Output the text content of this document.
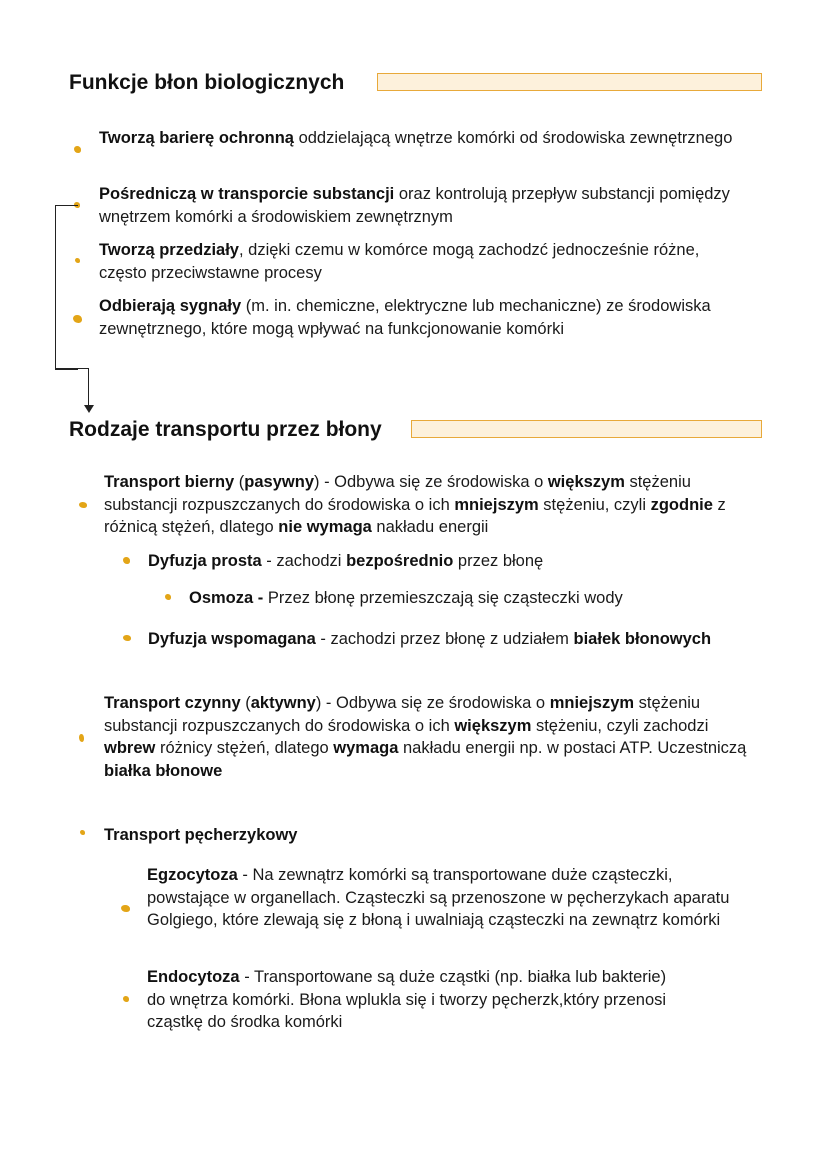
Funkcje błon biologicznych
Tworzą barierę ochronną oddzielającą wnętrze komórki od środowiska zewnętrznego
Pośredniczą w transporcie substancji oraz kontrolują przepływ substancji pomiędzy wnętrzem komórki a środowiskiem zewnętrznym
Tworzą przedziały, dzięki czemu w komórce mogą zachodzć jednocześnie różne, często przeciwstawne procesy
Odbierają sygnały (m. in. chemiczne, elektryczne lub mechaniczne) ze środowiska zewnętrznego, które mogą wpływać na funkcjonowanie komórki
Rodzaje transportu przez błony
Transport bierny (pasywny) - Odbywa się ze środowiska o większym stężeniu substancji rozpuszczanych do środowiska o ich mniejszym stężeniu, czyli zgodnie z różnicą stężeń, dlatego nie wymaga nakładu energii
Dyfuzja prosta - zachodzi bezpośrednio przez błonę
Osmoza - Przez błonę przemieszczają się cząsteczki wody
Dyfuzja wspomagana - zachodzi przez błonę z udziałem białek błonowych
Transport czynny (aktywny) - Odbywa się ze środowiska o mniejszym stężeniu substancji rozpuszczanych do środowiska o ich większym stężeniu, czyli zachodzi wbrew różnicy stężeń, dlatego wymaga nakładu energii np. w postaci ATP. Uczestniczą białka błonowe
Transport pęcherzykowy
Egzocytoza - Na zewnątrz komórki są transportowane duże cząsteczki, powstające w organellach. Cząsteczki są przenoszone w pęcherzykach aparatu Golgiego, które zlewają się z błoną i uwalniają cząsteczki na zewnątrz komórki
Endocytoza - Transportowane są duże cząstki (np. białka lub bakterie) do wnętrza komórki. Błona wplukla się i tworzy pęcherzk,który przenosi cząstkę do środka komórki
